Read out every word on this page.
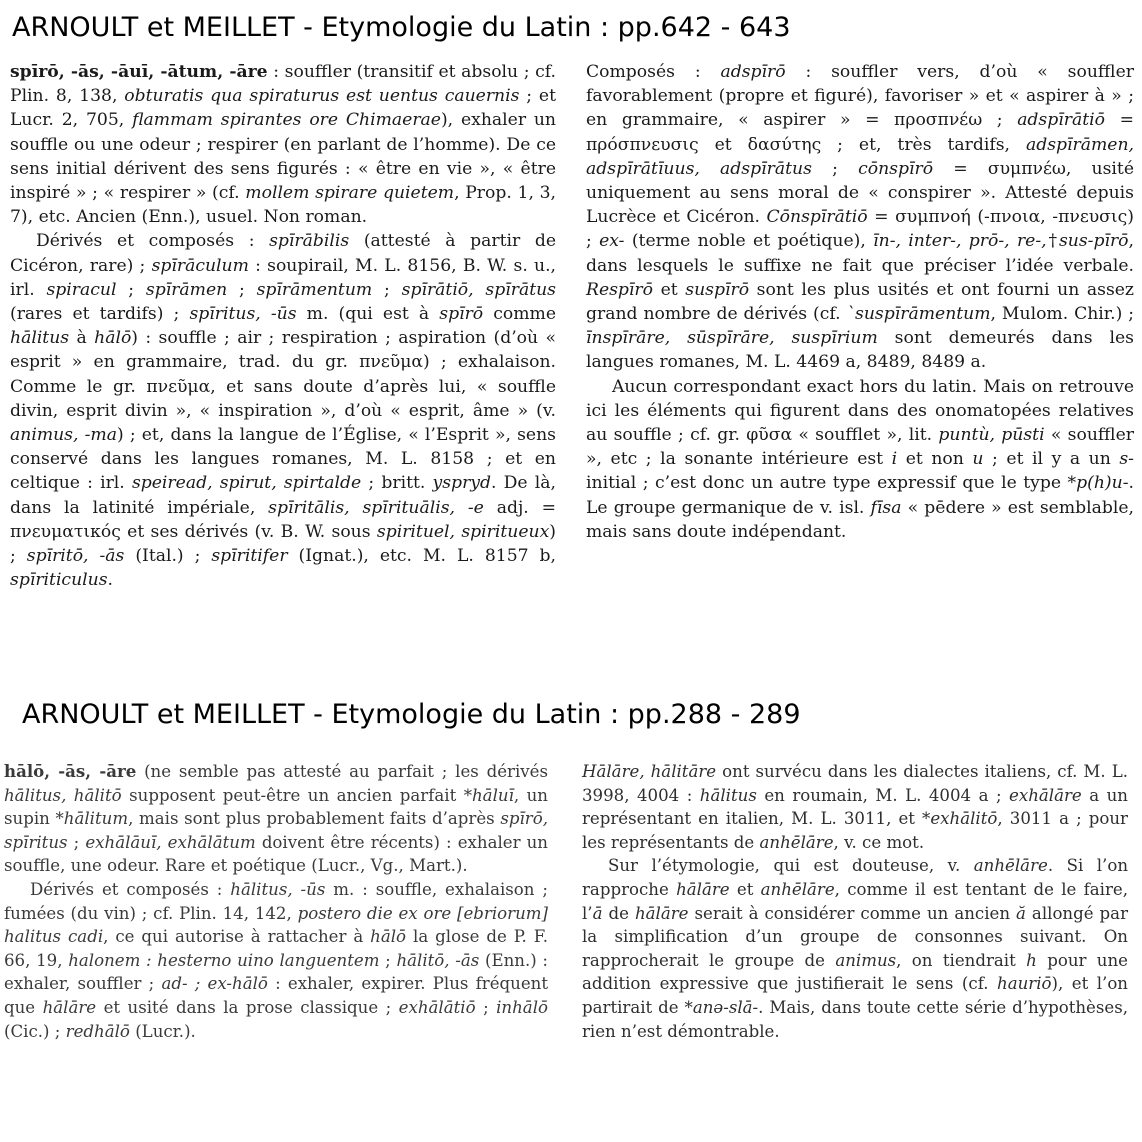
ARNOULT et MEILLET - Etymologie du Latin : pp.642 - 643

spīrō, -ās, -āuī, -ātum, -āre : souffler (transitif et absolu ; cf. Plin. 8, 138, obturatis qua spiraturus est uentus cauernis ; et Lucr. 2, 705, flammam spirantes ore Chimaerae), exhaler un souffle ou une odeur ; respirer (en parlant de l’homme). De ce sens initial dérivent des sens figurés : « être en vie », « être inspiré » ; « respirer » (cf. mollem spirare quietem, Prop. 1, 3, 7), etc. Ancien (Enn.), usuel. Non roman.

Dérivés et composés : spīrābilis (attesté à partir de Cicéron, rare) ; spīrāculum : soupirail, M. L. 8156, B. W. s. u., irl. spiracul ; spīrāmen ; spīrāmentum ; spīrātiō, spīrātus (rares et tardifs) ; spīritus, -ūs m. (qui est à spīrō comme hālitus à hālō) : souffle ; air ; respiration ; aspiration (d’où « esprit » en grammaire, trad. du gr. πνεῦμα) ; exhalaison. Comme le gr. πνεῦμα, et sans doute d’après lui, « souffle divin, esprit divin », « inspiration », d’où « esprit, âme » (v. animus, -ma) ; et, dans la langue de l’Église, « l’Esprit », sens conservé dans les langues romanes, M. L. 8158 ; et en celtique : irl. speiread, spirut, spirtalde ; britt. yspryd. De là, dans la latinité impériale, spīritālis, spīrituālis, -e adj. = πνευματικός et ses dérivés (v. B. W. sous spirituel, spiritueux) ; spīritō, -ās (Ital.) ; spīritifer (Ignat.), etc. M. L. 8157 b, spīriticulus.

Composés : adspīrō : souffler vers, d’où « souffler favorablement (propre et figuré), favoriser » et « aspirer à » ; en grammaire, « aspirer » = προσπνέω ; adspīrātiō = πρόσπνευσις et δασύτης ; et, très tardifs, adspīrāmen, adspīrātīuus, adspīrātus ; cōnspīrō = συμπνέω, usité uniquement au sens moral de « conspirer ». Attesté depuis Lucrèce et Cicéron. Cōnspīrātiō = συμπνοή (-πνοια, -πνευσις) ; ex- (terme noble et poétique), īn-, inter-, prō-, re-,†sus-pīrō, dans lesquels le suffixe ne fait que préciser l’idée verbale. Respīrō et suspīrō sont les plus usités et ont fourni un assez grand nombre de dérivés (cf. `suspīrāmentum, Mulom. Chir.) ; īnspīrāre, sūspīrāre, suspīrium sont demeurés dans les langues romanes, M. L. 4469 a, 8489, 8489 a.

Aucun correspondant exact hors du latin. Mais on retrouve ici les éléments qui figurent dans des onomatopées relatives au souffle ; cf. gr. φῦσα « soufflet », lit. puntù, pūsti « souffler », etc ; la sonante intérieure est i et non u ; et il y a un s- initial ; c’est donc un autre type expressif que le type *p(h)u-. Le groupe germanique de v. isl. fīsa « pēdere » est semblable, mais sans doute indépendant.

ARNOULT et MEILLET - Etymologie du Latin : pp.288 - 289

hālō, -ās, -āre (ne semble pas attesté au parfait ; les dérivés hālitus, hālitō supposent peut-être un ancien parfait *hāluī, un supin *hālitum, mais sont plus probablement faits d’après spīrō, spīritus ; exhālāuī, exhālātum doivent être récents) : exhaler un souffle, une odeur. Rare et poétique (Lucr., Vg., Mart.).

Dérivés et composés : hālitus, -ūs m. : souffle, exhalaison ; fumées (du vin) ; cf. Plin. 14, 142, postero die ex ore [ebriorum] halitus cadi, ce qui autorise à rattacher à hālō la glose de P. F. 66, 19, halonem : hesterno uino languentem ; hālitō, -ās (Enn.) : exhaler, souffler ; ad- ; ex-hālō : exhaler, expirer. Plus fréquent que hālāre et usité dans la prose classique ; exhālātiō ; inhālō (Cic.) ; redhālō (Lucr.).

Hālāre, hālitāre ont survécu dans les dialectes italiens, cf. M. L. 3998, 4004 : hālitus en roumain, M. L. 4004 a ; exhālāre a un représentant en italien, M. L. 3011, et *exhālitō, 3011 a ; pour les représentants de anhēlāre, v. ce mot.

Sur l’étymologie, qui est douteuse, v. anhēlāre. Si l’on rapproche hālāre et anhēlāre, comme il est tentant de le faire, l’ā de hālāre serait à considérer comme un ancien ă allongé par la simplification d’un groupe de consonnes suivant. On rapprocherait le groupe de animus, on tiendrait h pour une addition expressive que justifierait le sens (cf. hauriō), et l’on partirait de *anə-slā-. Mais, dans toute cette série d’hypothèses, rien n’est démontrable.
